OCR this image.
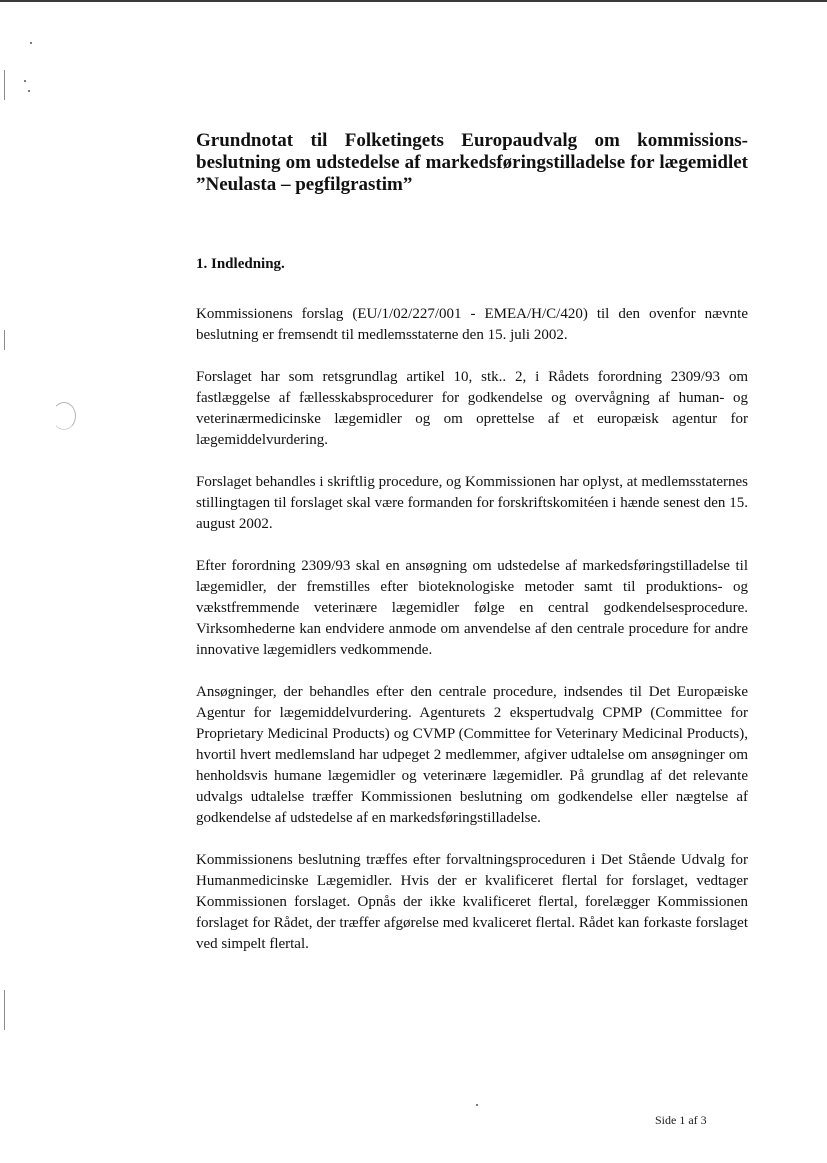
Grundnotat til Folketingets Europaudvalg om kommissions-beslutning om udstedelse af markedsføringstilladelse for lægemidlet ”Neulasta – pegfilgrastim”
1. Indledning.

Kommissionens forslag (EU/1/02/227/001 - EMEA/H/C/420) til den ovenfor nævnte beslutning er fremsendt til medlemsstaterne den 15. juli 2002.

Forslaget har som retsgrundlag artikel 10, stk.. 2, i Rådets forordning 2309/93 om fastlæggelse af fællesskabsprocedurer for godkendelse og overvågning af human- og veterinærmedicinske lægemidler og om oprettelse af et europæisk agentur for lægemiddelvurdering.

Forslaget behandles i skriftlig procedure, og Kommissionen har oplyst, at medlemsstaternes stillingtagen til forslaget skal være formanden for forskriftskomitéen i hænde senest den 15. august 2002.

Efter forordning 2309/93 skal en ansøgning om udstedelse af markedsføringstilladelse til lægemidler, der fremstilles efter bioteknologiske metoder samt til produktions- og vækstfremmende veterinære lægemidler følge en central godkendelsesprocedure. Virksomhederne kan endvidere anmode om anvendelse af den centrale procedure for andre innovative lægemidlers vedkommende.

Ansøgninger, der behandles efter den centrale procedure, indsendes til Det Europæiske Agentur for lægemiddelvurdering. Agenturets 2 ekspertudvalg CPMP (Committee for Proprietary Medicinal Products) og CVMP (Committee for Veterinary Medicinal Products), hvortil hvert medlemsland har udpeget 2 medlemmer, afgiver udtalelse om ansøgninger om henholdsvis humane lægemidler og veterinære lægemidler. På grundlag af det relevante udvalgs udtalelse træffer Kommissionen beslutning om godkendelse eller nægtelse af godkendelse af udstedelse af en markedsføringstilladelse.

Kommissionens beslutning træffes efter forvaltningsproceduren i Det Stående Udvalg for Humanmedicinske Lægemidler. Hvis der er kvalificeret flertal for forslaget, vedtager Kommissionen forslaget. Opnås der ikke kvalificeret flertal, forelægger Kommissionen forslaget for Rådet, der træffer afgørelse med kvaliceret flertal. Rådet kan forkaste forslaget ved simpelt flertal.

Side 1 af 3
